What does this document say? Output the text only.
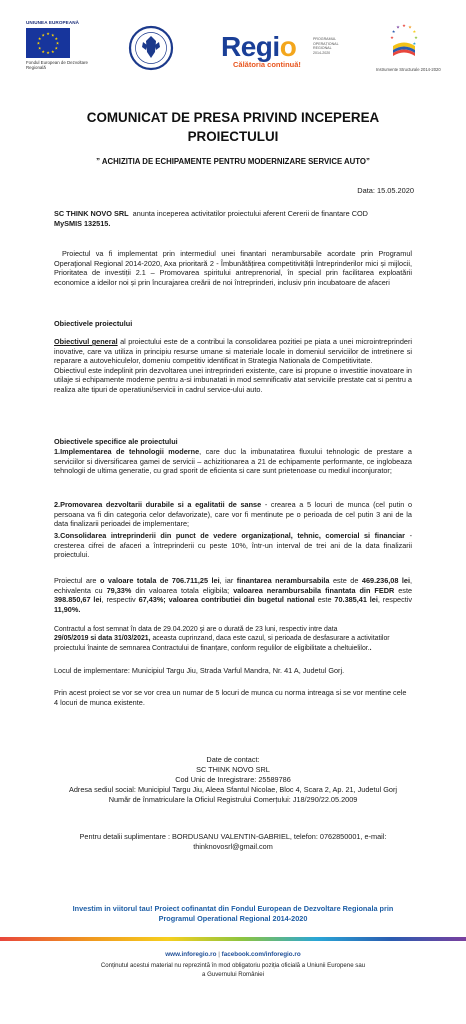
UNIUNEA EUROPEANĂ
★ ★
★
★
★
★
★
★
★
★
★
★
Fondul European de Dezvoltare Regională
Regio	PROGRAMUL OPERAȚIONAL REGIONAL 2014-2020
Călătoria continuă!
★ ★
★
★
★
★
★
★
Instrumente Structurale 2014-2020
COMUNICAT DE PRESA PRIVIND INCEPEREA PROIECTULUI
” ACHIZITIA DE ECHIPAMENTE PENTRU MODERNIZARE SERVICE AUTO”
Data: 15.05.2020

SC THINK NOVO SRL anunta inceperea activitatilor proiectului aferent Cererii de finantare COD
MySMIS 132515.

Proiectul va fi implementat prin intermediul unei finantari nerambursabile acordate prin Programul Operaţional Regional 2014-2020, Axa prioritară 2 - Îmbunătățirea competitivității întreprinderilor mici și mijlocii, Prioritatea de investiții 2.1 – Promovarea spiritului antreprenorial, în special prin facilitarea exploatării economice a ideilor noi și prin încurajarea creării de noi întreprinderi, inclusiv prin incubatoare de afaceri
Obiectivele proiectului

Obiectivul general al proiectului este de a contribui la consolidarea pozitiei pe piata a unei microintreprinderi inovative, care va utiliza in principiu resurse umane si materiale locale in domeniul serviciilor de intretinere si reparare a autovehiculelor, domeniu competitiv identificat in Strategia Nationala de Competitivitate.

Obiectivul este indeplinit prin dezvoltarea unei intreprinderi existente, care isi propune o investitie inovatoare in utilaje si echipamente moderne pentru a-si imbunatati in mod semnificativ atat serviciile prestate cat si pentru a realiza alte tipuri de operatiuni/servicii in cadrul service-ului auto.

Obiectivele specifice ale proiectului

1.Implementarea de tehnologii moderne, care duc la imbunatatirea fluxului tehnologic de prestare a serviciilor si diversificarea gamei de servicii – achizitionarea a 21 de echipamente performante, ce inglobeaza tehnologii de ultima generatie, cu grad sporit de eficienta si care sunt prietenoase cu mediul inconjurator;

2.Promovarea dezvoltarii durabile si a egalitatii de sanse - crearea a 5 locuri de munca (cel putin o persoana va fi din categoria celor defavorizate), care vor fi mentinute pe o perioada de cel putin 3 ani de la data finalizarii perioadei de implementare;

3.Consolidarea intreprinderii din punct de vedere organizațional, tehnic, comercial si financiar - cresterea cifrei de afaceri a întreprinderii cu peste 10%, într-un interval de trei ani de la data finalizarii proiectului.

Proiectul are o valoare totala de 706.711,25 lei, iar finantarea nerambursabila este de 469.236,08 lei, echivalenta cu 79,33% din valoarea totala eligibila; valoarea nerambursabila finantata din FEDR este 398.850,67 lei, respectiv 67,43%; valoarea contributiei din bugetul national este 70.385,41 lei, respectiv 11,90%.

Contractul a fost semnat în data de 29.04.2020 şi are o durată de 23 luni, respectiv intre data
29/05/2019 si data 31/03/2021, aceasta cuprinzand, daca este cazul, si perioada de desfasurare a activitatilor proiectului înainte de semnarea Contractului de finanțare, conform regulilor de eligibilitate a cheltuielilor..

Locul de implementare: Municipiul Targu Jiu, Strada Varful Mandra, Nr. 41 A, Judetul Gorj.
Prin acest proiect se vor se vor crea un numar de 5 locuri de munca cu norma intreaga si se vor mentine cele 4 locuri de munca existente.

Date de contact:

SC THINK NOVO SRL

Cod Unic de Inregistrare: 25589786

Adresa sediul social: Municipiul Targu Jiu, Aleea Sfantul Nicolae, Bloc 4, Scara 2, Ap. 21, Judetul Gorj

Număr de înmatriculare la Oficiul Registrului Comerțului: J18/290/22.05.2009

Pentru detalii suplimentare : BORDUSANU VALENTIN-GABRIEL, telefon: 0762850001, e-mail:

thinknovosrl@gmail.com

Investim in viitorul tau! Proiect cofinantat din Fondul European de Dezvoltare Regionala prin Programul Operational Regional 2014-2020
www.inforegio.ro | facebook.com/inforegio.ro
Conținutul acestui material nu reprezintă în mod obligatoriu poziția oficială a Uniunii Europene sau a Guvernului României
